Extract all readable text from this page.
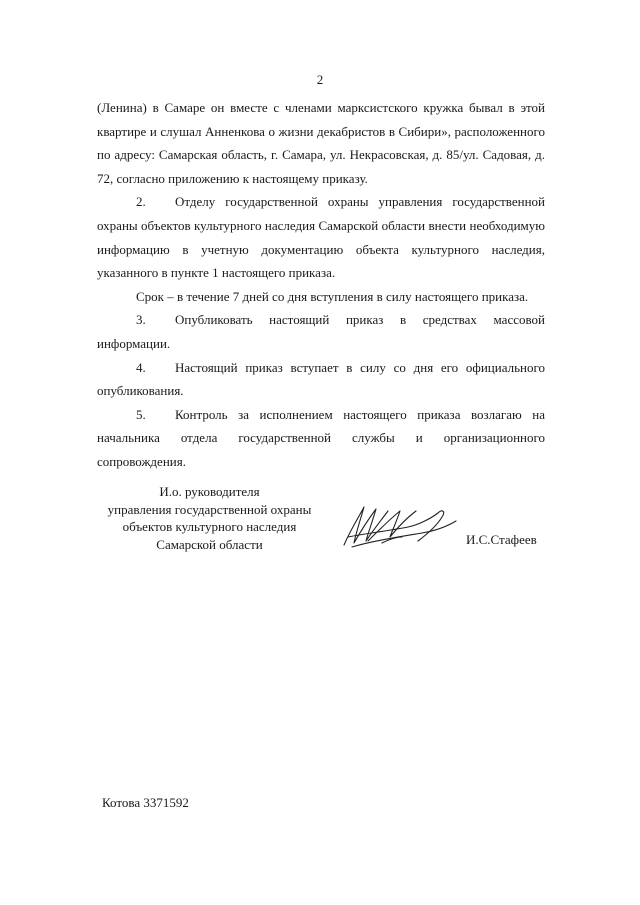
2

(Ленина) в Самаре он вместе с членами марксистского кружка бывал в этой квартире и слушал Анненкова о жизни декабристов в Сибири», расположенного по адресу: Самарская область, г. Самара, ул. Некрасовская, д. 85/ул. Садовая, д. 72, согласно приложению к настоящему приказу.

2. Отделу государственной охраны управления государственной охраны объектов культурного наследия Самарской области внести необходимую информацию в учетную документацию объекта культурного наследия, указанного в пункте 1 настоящего приказа.

Срок – в течение 7 дней со дня вступления в силу настоящего приказа.

3. Опубликовать настоящий приказ в средствах массовой информации.

4. Настоящий приказ вступает в силу со дня его официального опубликования.

5. Контроль за исполнением настоящего приказа возлагаю на начальника отдела государственной службы и организационного сопровождения.

И.о. руководителя
управления государственной охраны
объектов культурного наследия
Самарской области	И.С.Стафеев
Котова 3371592
